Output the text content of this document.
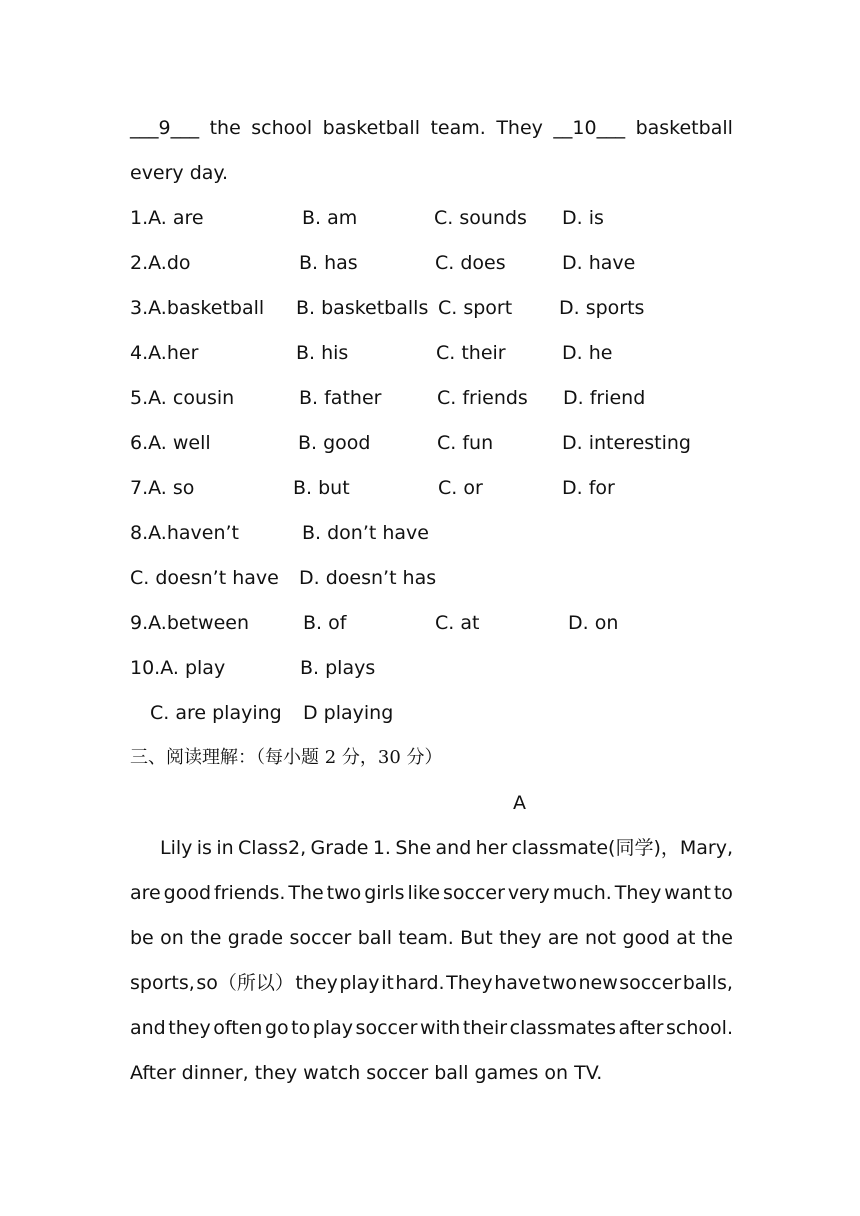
___9___ the school basketball team. They __10___ basketball
every day.
1.A. are	B. am	C. sounds D. is
2.A.do	B. has	C. does	D. have
3.A.basketball B. basketballs C. sport D. sports
4.A.her	B. his	C. their	D. he
5.A. cousin	B. father	C. friends D. friend
6.A. well	B. good	C. fun	D. interesting
7.A. so	B. but	C. or	D. for
8.A.haven’t	B. don’t have
C. doesn’t have D. doesn’t has
9.A.between	B. of	C. at	D. on
10.A. play	B. plays
C. are playing D playing
三、阅读理解：（每小题 2 分，30 分）
A
Lily is in Class2, Grade 1. She and her classmate(同学)，Mary,
are good friends. The two girls like soccer very much. They want to
be on the grade soccer ball team. But they are not good at the
sports, so（所以） they play it hard. They have two new soccer balls,
and they often go to play soccer with their classmates after school.
After dinner, they watch soccer ball games on TV.
